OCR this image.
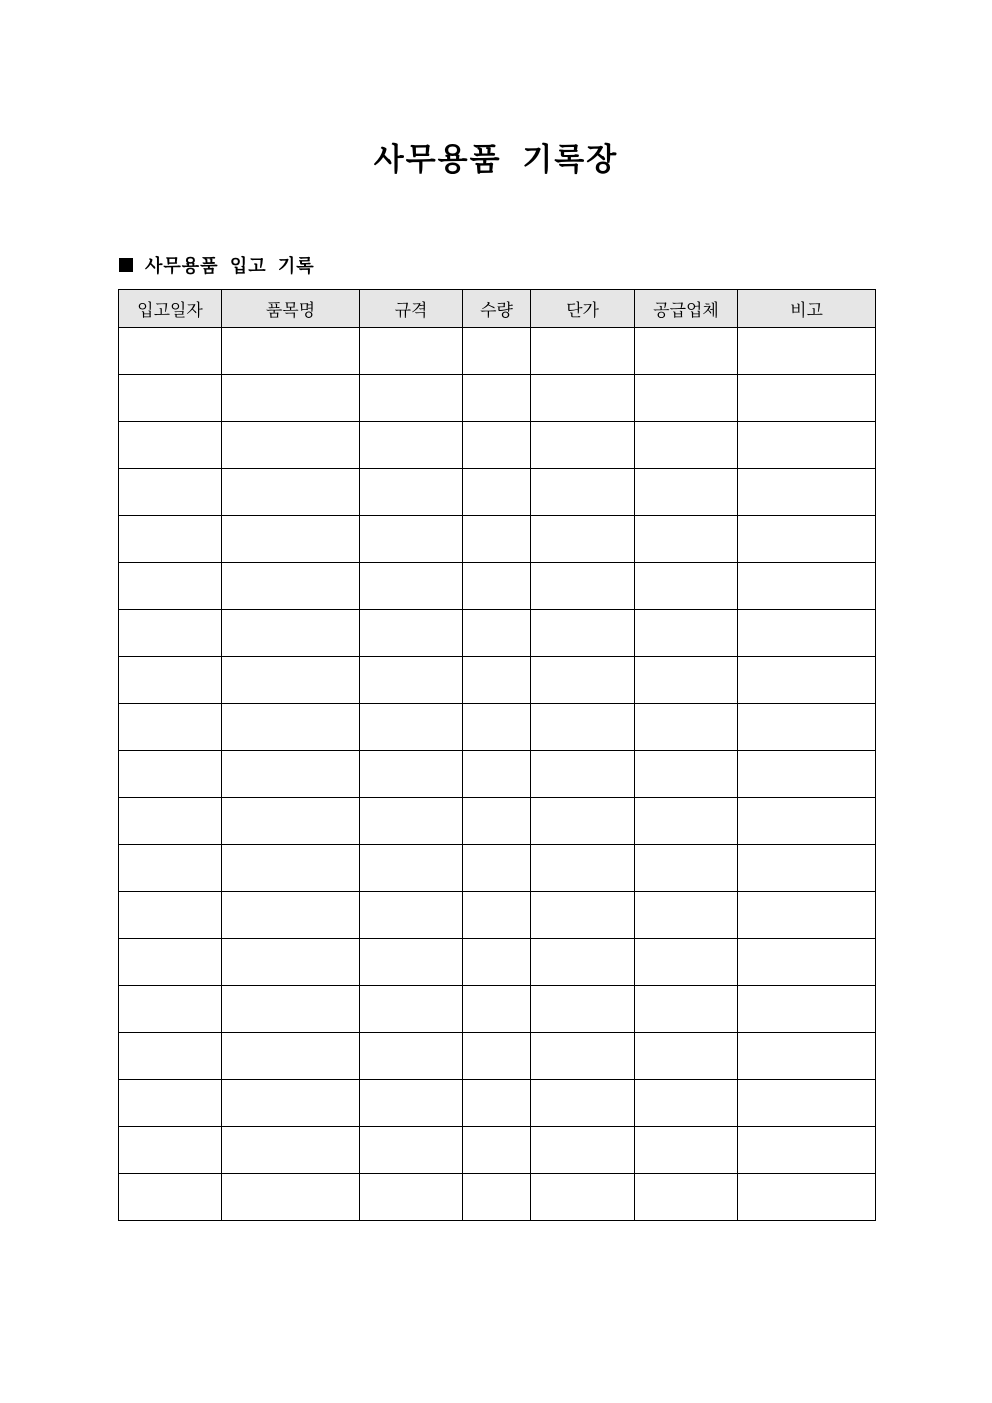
사무용품 기록장
사무용품 입고 기록
입고일자	품목명	규격	수량	단가	공급업체	비고
